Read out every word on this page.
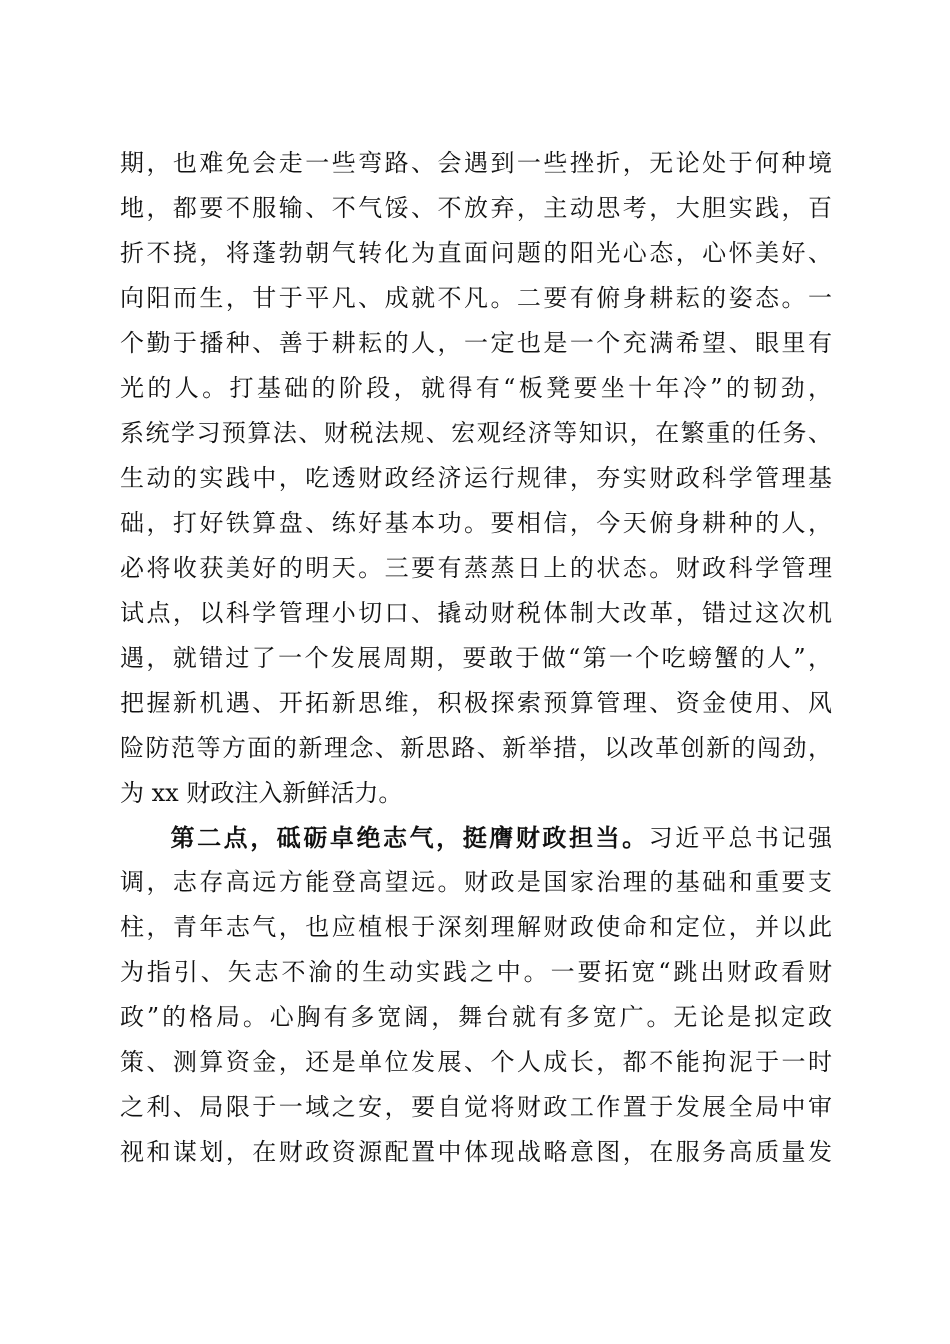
期，也难免会走一些弯路、会遇到一些挫折，无论处于何种境
地，都要不服输、不气馁、不放弃，主动思考，大胆实践，百
折不挠，将蓬勃朝气转化为直面问题的阳光心态，心怀美好、
向阳而生，甘于平凡、成就不凡。二要有俯身耕耘的姿态。一
个勤于播种、善于耕耘的人，一定也是一个充满希望、眼里有
光的人。打基础的阶段，就得有“板凳要坐十年冷”的韧劲，
系统学习预算法、财税法规、宏观经济等知识，在繁重的任务、
生动的实践中，吃透财政经济运行规律，夯实财政科学管理基
础，打好铁算盘、练好基本功。要相信，今天俯身耕种的人，
必将收获美好的明天。三要有蒸蒸日上的状态。财政科学管理
试点，以科学管理小切口、撬动财税体制大改革，错过这次机
遇，就错过了一个发展周期，要敢于做“第一个吃螃蟹的人”，
把握新机遇、开拓新思维，积极探索预算管理、资金使用、风
险防范等方面的新理念、新思路、新举措，以改革创新的闯劲，
为 xx 财政注入新鲜活力。
第二点，砥砺卓绝志气，挺膺财政担当。习近平总书记强
调，志存高远方能登高望远。财政是国家治理的基础和重要支
柱，青年志气，也应植根于深刻理解财政使命和定位，并以此
为指引、矢志不渝的生动实践之中。一要拓宽“跳出财政看财
政”的格局。心胸有多宽阔，舞台就有多宽广。无论是拟定政
策、测算资金，还是单位发展、个人成长，都不能拘泥于一时
之利、局限于一域之安，要自觉将财政工作置于发展全局中审
视和谋划，在财政资源配置中体现战略意图，在服务高质量发
